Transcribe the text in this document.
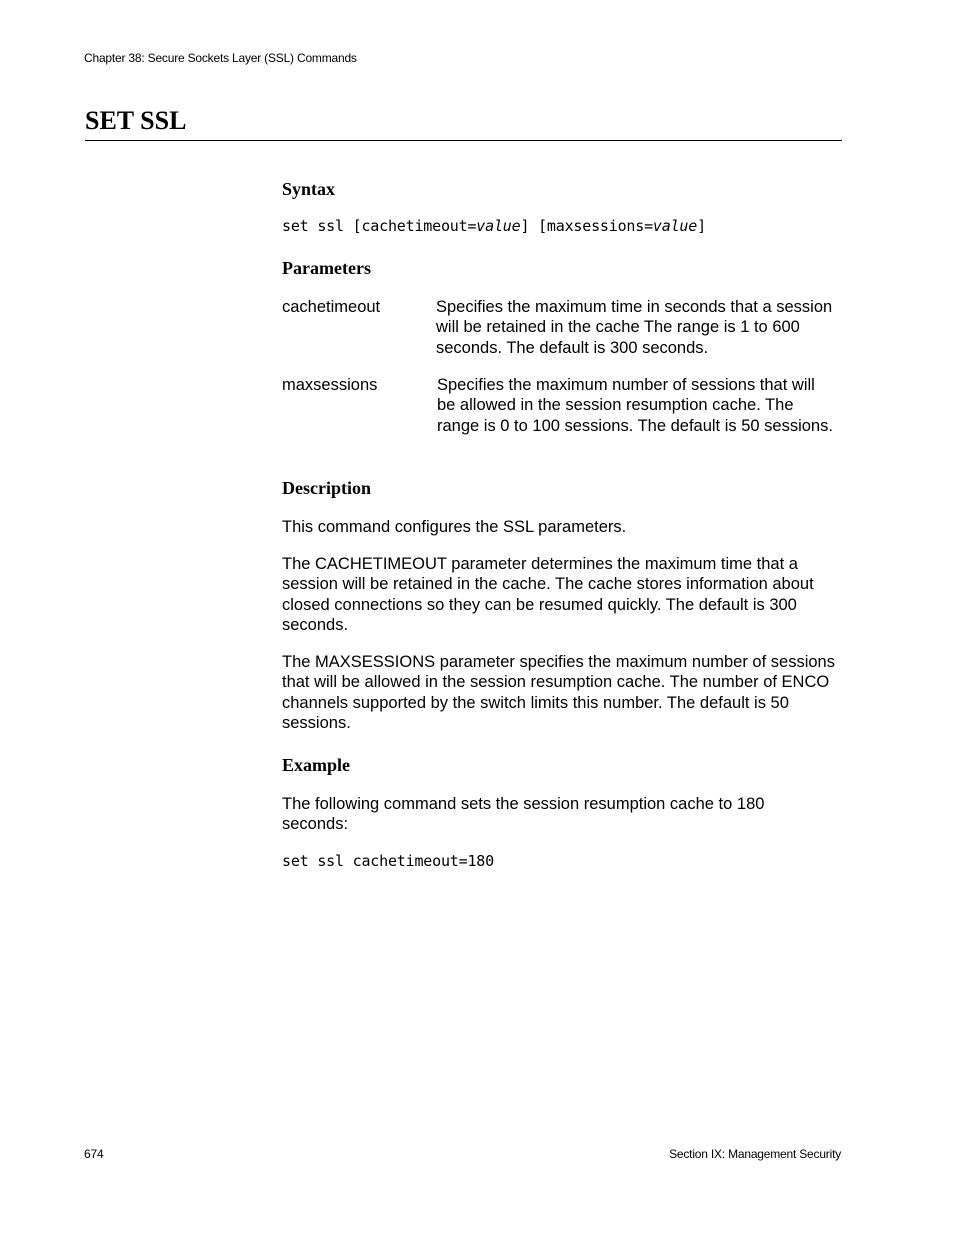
Chapter 38: Secure Sockets Layer (SSL) Commands
SET SSL
Syntax
set ssl [cachetimeout=value] [maxsessions=value]
Parameters
cachetimeout	Specifies the maximum time in seconds that a session will be retained in the cache The range is 1 to 600 seconds. The default is 300 seconds.
maxsessions	Specifies the maximum number of sessions that will be allowed in the session resumption cache. The range is 0 to 100 sessions. The default is 50 sessions.
Description

This command configures the SSL parameters.

The CACHETIMEOUT parameter determines the maximum time that a session will be retained in the cache. The cache stores information about closed connections so they can be resumed quickly. The default is 300 seconds.

The MAXSESSIONS parameter specifies the maximum number of sessions that will be allowed in the session resumption cache. The number of ENCO channels supported by the switch limits this number. The default is 50 sessions.

Example

The following command sets the session resumption cache to 180 seconds:

set ssl cachetimeout=180
674	Section IX: Management Security
